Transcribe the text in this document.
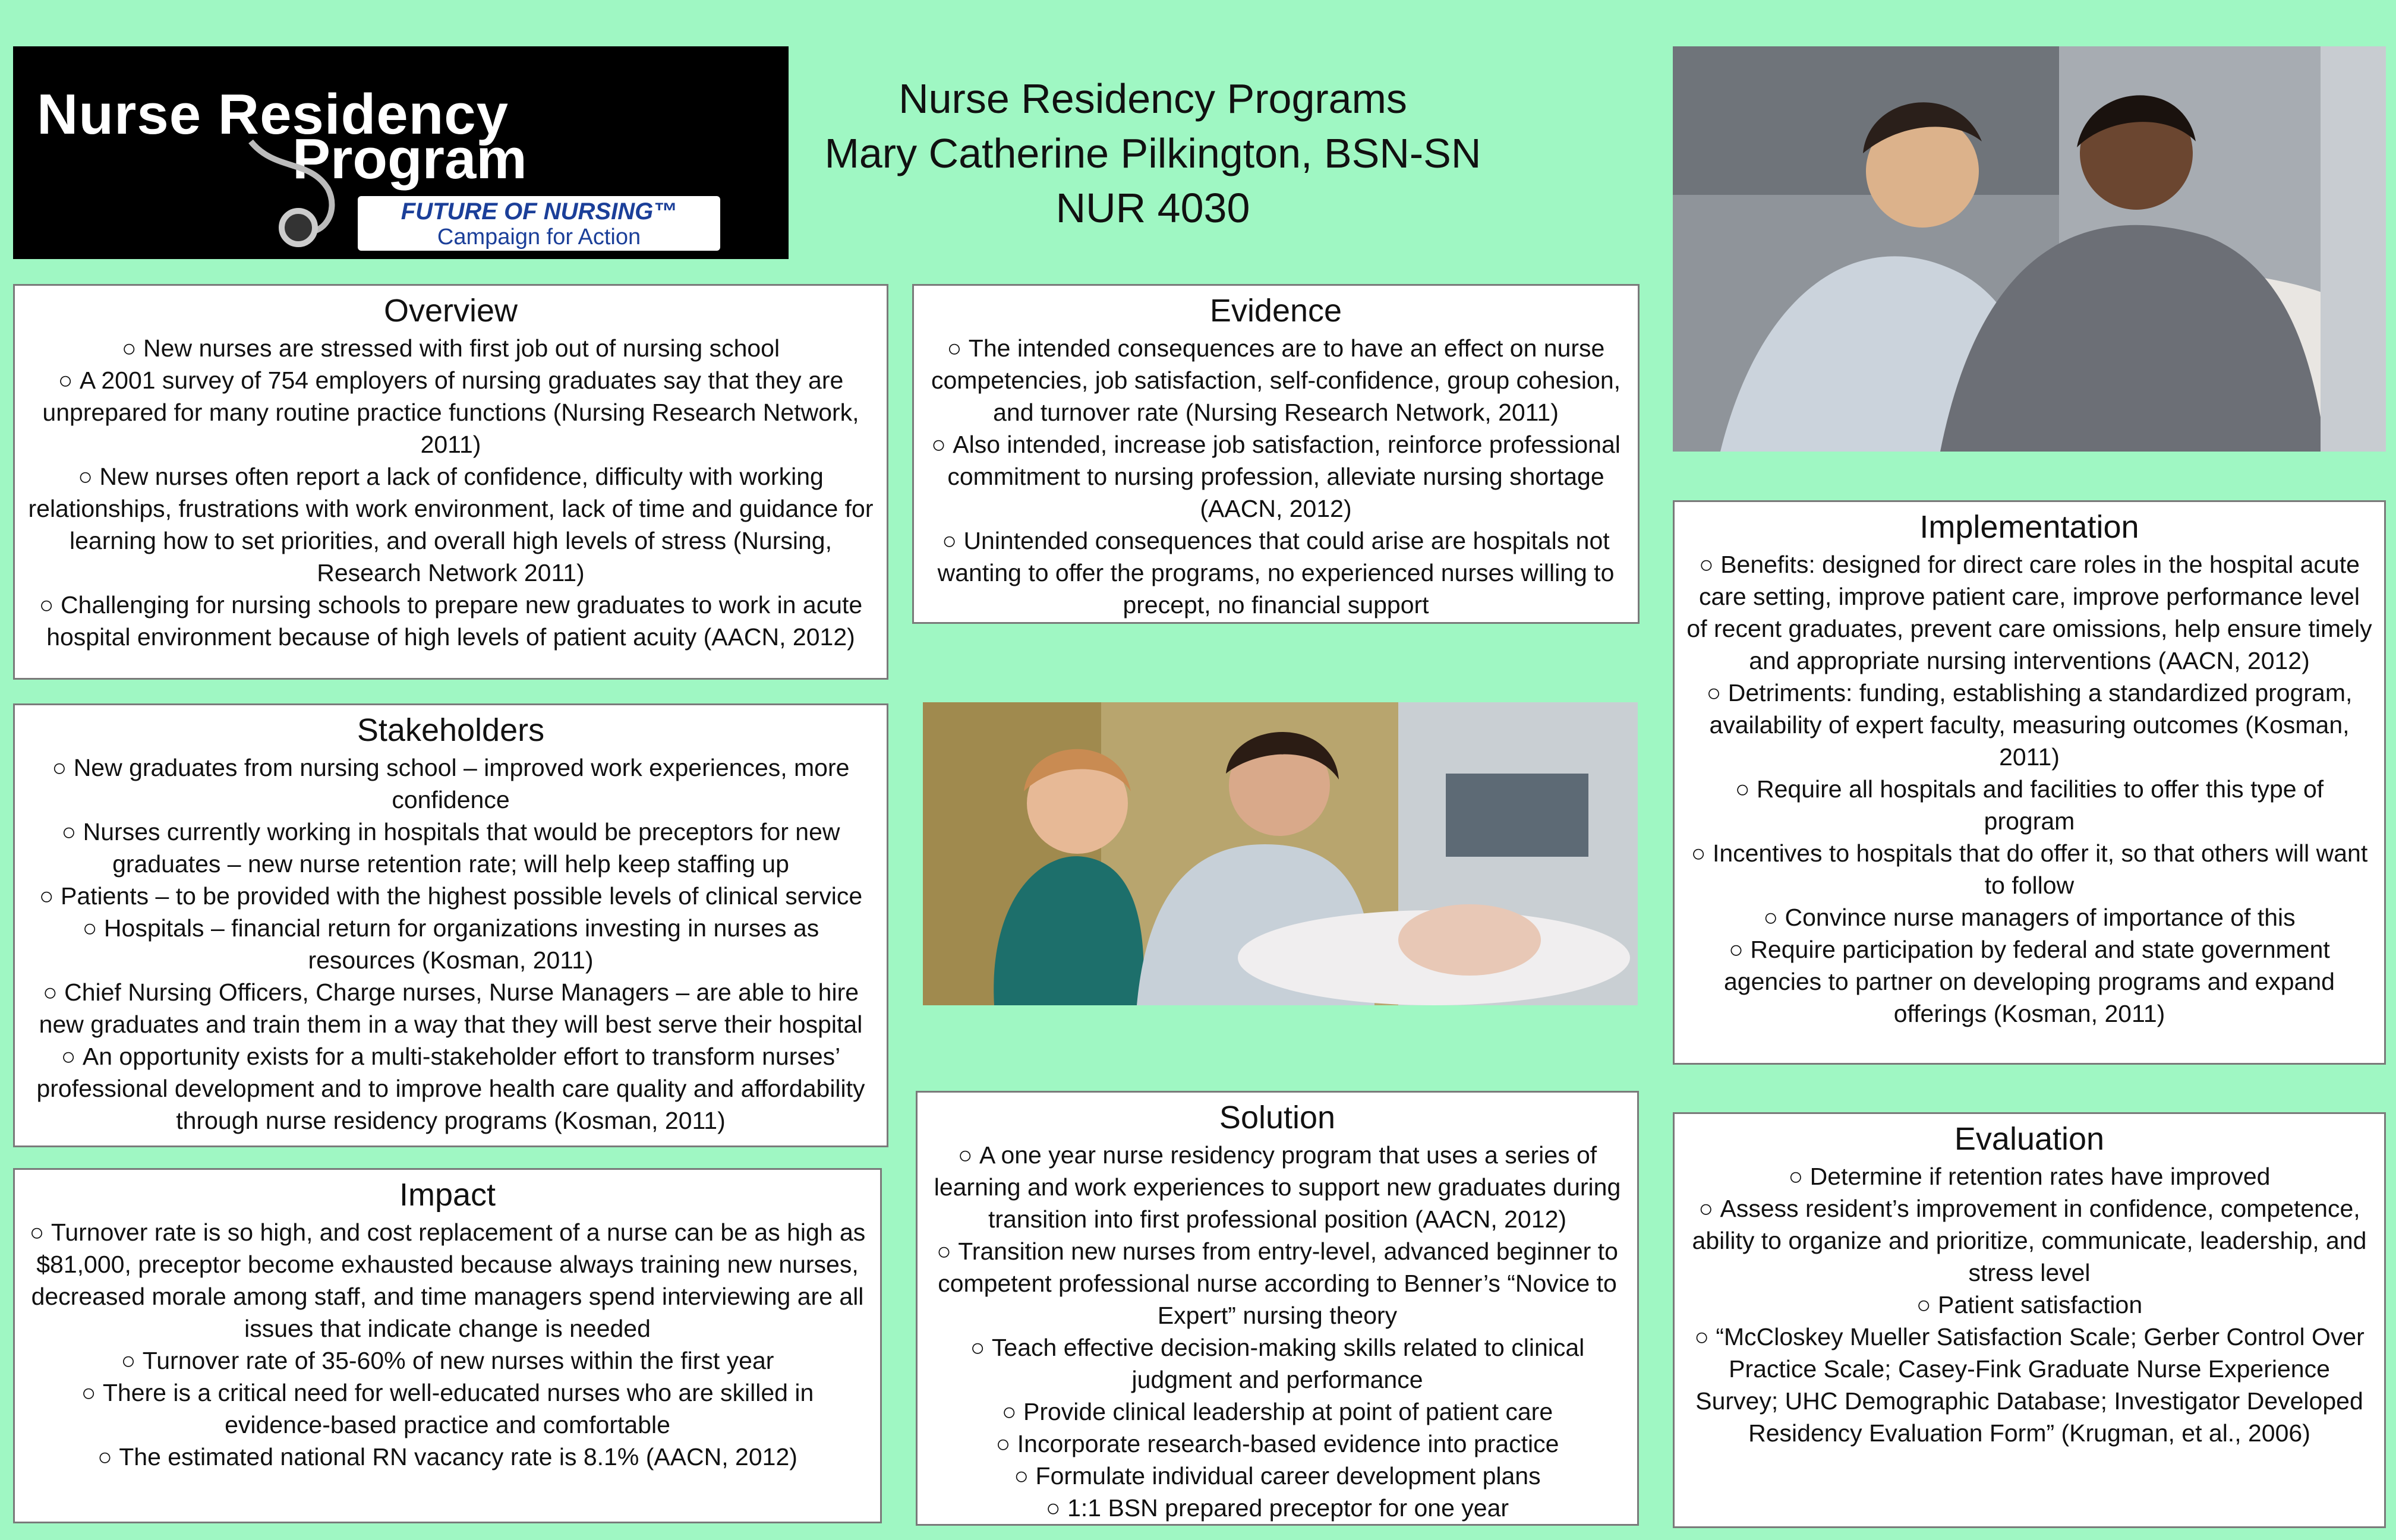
Nurse Residency
Program
FUTURE OF NURSING™
Campaign for Action
Nurse Residency Programs
Mary Catherine Pilkington, BSN-SN
NUR 4030
Overview
○ New nurses are stressed with first job out of nursing school
○ A 2001 survey of 754 employers of nursing graduates say that they are unprepared for many routine practice functions (Nursing Research Network, 2011)
○ New nurses often report a lack of confidence, difficulty with working relationships, frustrations with work environment, lack of time and guidance for learning how to set priorities, and overall high levels of stress (Nursing, Research Network 2011)
○ Challenging for nursing schools to prepare new graduates to work in acute hospital environment because of high levels of patient acuity (AACN, 2012)
Stakeholders
○ New graduates from nursing school – improved work experiences, more confidence
○ Nurses currently working in hospitals that would be preceptors for new graduates – new nurse retention rate; will help keep staffing up
○ Patients – to be provided with the highest possible levels of clinical service
○ Hospitals – financial return for organizations investing in nurses as resources (Kosman, 2011)
○ Chief Nursing Officers, Charge nurses, Nurse Managers – are able to hire new graduates and train them in a way that they will best serve their hospital
○ An opportunity exists for a multi-stakeholder effort to transform nurses’ professional development and to improve health care quality and affordability through nurse residency programs (Kosman, 2011)
Impact
○ Turnover rate is so high, and cost replacement of a nurse can be as high as $81,000, preceptor become exhausted because always training new nurses, decreased morale among staff, and time managers spend interviewing are all issues that indicate change is needed
○ Turnover rate of 35-60% of new nurses within the first year
○ There is a critical need for well-educated nurses who are skilled in evidence-based practice and comfortable
○ The estimated national RN vacancy rate is 8.1% (AACN, 2012)
Evidence
○ The intended consequences are to have an effect on nurse competencies, job satisfaction, self-confidence, group cohesion, and turnover rate (Nursing Research Network, 2011)
○ Also intended, increase job satisfaction, reinforce professional commitment to nursing profession, alleviate nursing shortage (AACN, 2012)
○ Unintended consequences that could arise are hospitals not wanting to offer the programs, no experienced nurses willing to precept, no financial support
Solution
○ A one year nurse residency program that uses a series of learning and work experiences to support new graduates during transition into first professional position (AACN, 2012)
○ Transition new nurses from entry-level, advanced beginner to competent professional nurse according to Benner’s “Novice to Expert” nursing theory
○ Teach effective decision-making skills related to clinical judgment and performance
○ Provide clinical leadership at point of patient care
○ Incorporate research-based evidence into practice
○ Formulate individual career development plans
○ 1:1 BSN prepared preceptor for one year
Implementation
○ Benefits: designed for direct care roles in the hospital acute care setting, improve patient care, improve performance level of recent graduates, prevent care omissions, help ensure timely and appropriate nursing interventions (AACN, 2012)
○ Detriments: funding, establishing a standardized program, availability of expert faculty, measuring outcomes (Kosman, 2011)
○ Require all hospitals and facilities to offer this type of program
○ Incentives to hospitals that do offer it, so that others will want to follow
○ Convince nurse managers of importance of this
○ Require participation by federal and state government agencies to partner on developing programs and expand offerings (Kosman, 2011)
Evaluation
○ Determine if retention rates have improved
○ Assess resident’s improvement in confidence, competence, ability to organize and prioritize, communicate, leadership, and stress level
○ Patient satisfaction
○ “McCloskey Mueller Satisfaction Scale; Gerber Control Over Practice Scale; Casey-Fink Graduate Nurse Experience Survey; UHC Demographic Database; Investigator Developed Residency Evaluation Form” (Krugman, et al., 2006)
